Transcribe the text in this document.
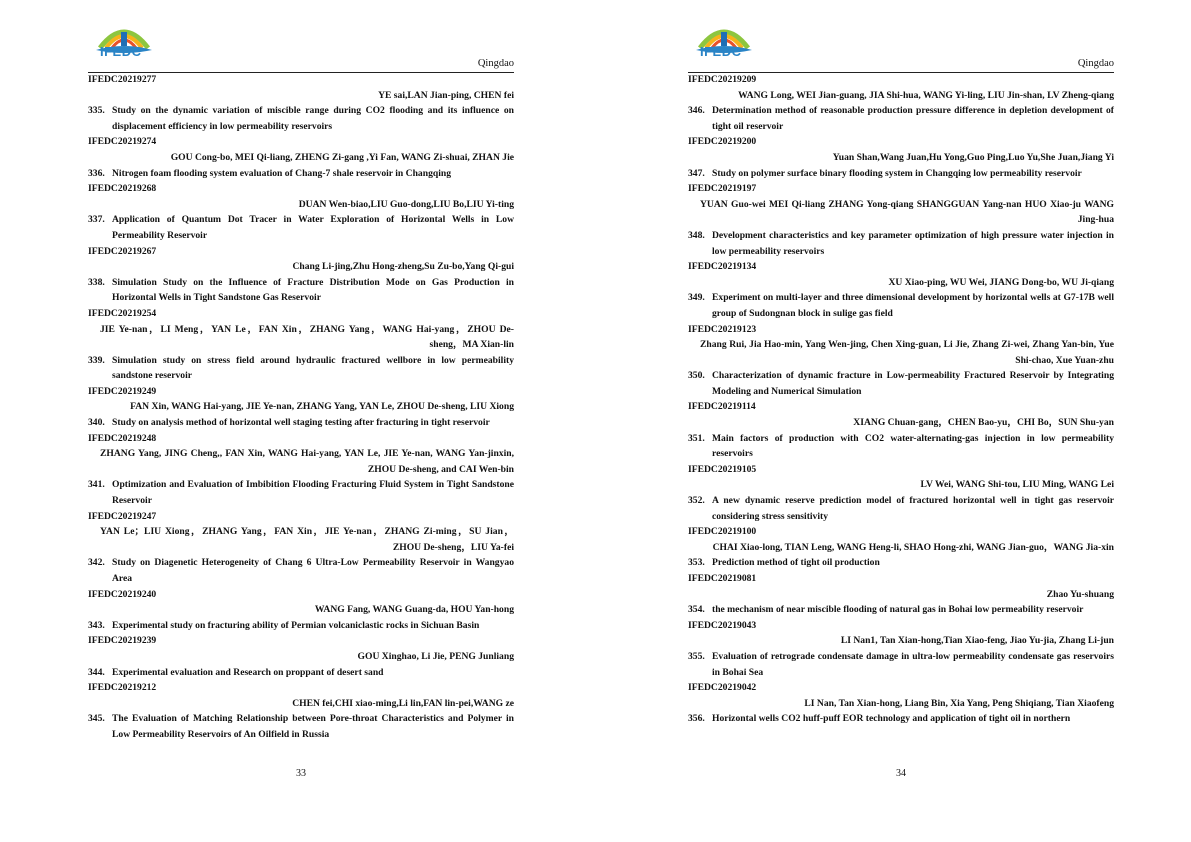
IFEDC
Qingdao
IFEDC20219277
YE sai,LAN Jian-ping, CHEN fei
335. Study on the dynamic variation of miscible range during CO2 flooding and its influence on displacement efficiency in low permeability reservoirs
IFEDC20219274
GOU Cong-bo, MEI Qi-liang, ZHENG Zi-gang ,Yi Fan, WANG Zi-shuai, ZHAN Jie
336. Nitrogen foam flooding system evaluation of Chang-7 shale reservoir in Changqing
IFEDC20219268
DUAN Wen-biao,LIU Guo-dong,LIU Bo,LIU Yi-ting
337. Application of Quantum Dot Tracer in Water Exploration of Horizontal Wells in Low Permeability Reservoir
IFEDC20219267
Chang Li-jing,Zhu Hong-zheng,Su Zu-bo,Yang Qi-gui
338. Simulation Study on the Influence of Fracture Distribution Mode on Gas Production in Horizontal Wells in Tight Sandstone Gas Reservoir
IFEDC20219254
JIE Ye-nan，LI Meng，YAN Le，FAN Xin，ZHANG Yang，WANG Hai-yang，ZHOU De-sheng，MA Xian-lin
339. Simulation study on stress field around hydraulic fractured wellbore in low permeability sandstone reservoir
IFEDC20219249
FAN Xin, WANG Hai-yang, JIE Ye-nan, ZHANG Yang, YAN Le, ZHOU De-sheng, LIU Xiong
340. Study on analysis method of horizontal well staging testing after fracturing in tight reservoir
IFEDC20219248
ZHANG Yang, JING Cheng,, FAN Xin, WANG Hai-yang, YAN Le, JIE Ye-nan, WANG Yan-jinxin, ZHOU De-sheng, and CAI Wen-bin
341. Optimization and Evaluation of Imbibition Flooding Fracturing Fluid System in Tight Sandstone Reservoir
IFEDC20219247
YAN Le；LIU Xiong，ZHANG Yang，FAN Xin，JIE Ye-nan，ZHANG Zi-ming，SU Jian，ZHOU De-sheng，LIU Ya-fei
342. Study on Diagenetic Heterogeneity of Chang 6 Ultra-Low Permeability Reservoir in Wangyao Area
IFEDC20219240
WANG Fang, WANG Guang-da, HOU Yan-hong
343. Experimental study on fracturing ability of Permian volcaniclastic rocks in Sichuan Basin
IFEDC20219239
GOU Xinghao, Li Jie, PENG Junliang
344. Experimental evaluation and Research on proppant of desert sand
IFEDC20219212
CHEN fei,CHI xiao-ming,Li lin,FAN lin-pei,WANG ze
345. The Evaluation of Matching Relationship between Pore-throat Characteristics and Polymer in Low Permeability Reservoirs of An Oilfield in Russia
33
IFEDC
Qingdao
IFEDC20219209
WANG Long, WEI Jian-guang, JIA Shi-hua, WANG Yi-ling, LIU Jin-shan, LV Zheng-qiang
346. Determination method of reasonable production pressure difference in depletion development of tight oil reservoir
IFEDC20219200
Yuan Shan,Wang Juan,Hu Yong,Guo Ping,Luo Yu,She Juan,Jiang Yi
347. Study on polymer surface binary flooding system in Changqing low permeability reservoir
IFEDC20219197
YUAN Guo-wei MEI Qi-liang ZHANG Yong-qiang SHANGGUAN Yang-nan HUO Xiao-ju WANG Jing-hua
348. Development characteristics and key parameter optimization of high pressure water injection in low permeability reservoirs
IFEDC20219134
XU Xiao-ping, WU Wei, JIANG Dong-bo, WU Ji-qiang
349. Experiment on multi-layer and three dimensional development by horizontal wells at G7-17B well group of Sudongnan block in sulige gas field
IFEDC20219123
Zhang Rui, Jia Hao-min, Yang Wen-jing, Chen Xing-guan, Li Jie, Zhang Zi-wei, Zhang Yan-bin, Yue Shi-chao, Xue Yuan-zhu
350. Characterization of dynamic fracture in Low-permeability Fractured Reservoir by Integrating Modeling and Numerical Simulation
IFEDC20219114
XIANG Chuan-gang，CHEN Bao-yu，CHI Bo，SUN Shu-yan
351. Main factors of production with CO2 water-alternating-gas injection in low permeability reservoirs
IFEDC20219105
LV Wei, WANG Shi-tou, LIU Ming, WANG Lei
352. A new dynamic reserve prediction model of fractured horizontal well in tight gas reservoir considering stress sensitivity
IFEDC20219100
CHAI Xiao-long, TIAN Leng, WANG Heng-li, SHAO Hong-zhi, WANG Jian-guo，WANG Jia-xin
353. Prediction method of tight oil production
IFEDC20219081
Zhao Yu-shuang
354. the mechanism of near miscible flooding of natural gas in Bohai low permeability reservoir
IFEDC20219043
LI Nan1, Tan Xian-hong,Tian Xiao-feng, Jiao Yu-jia, Zhang Li-jun
355. Evaluation of retrograde condensate damage in ultra-low permeability condensate gas reservoirs in Bohai Sea
IFEDC20219042
LI Nan, Tan Xian-hong, Liang Bin, Xia Yang, Peng Shiqiang, Tian Xiaofeng
356. Horizontal wells CO2 huff-puff EOR technology and application of tight oil in northern
34
